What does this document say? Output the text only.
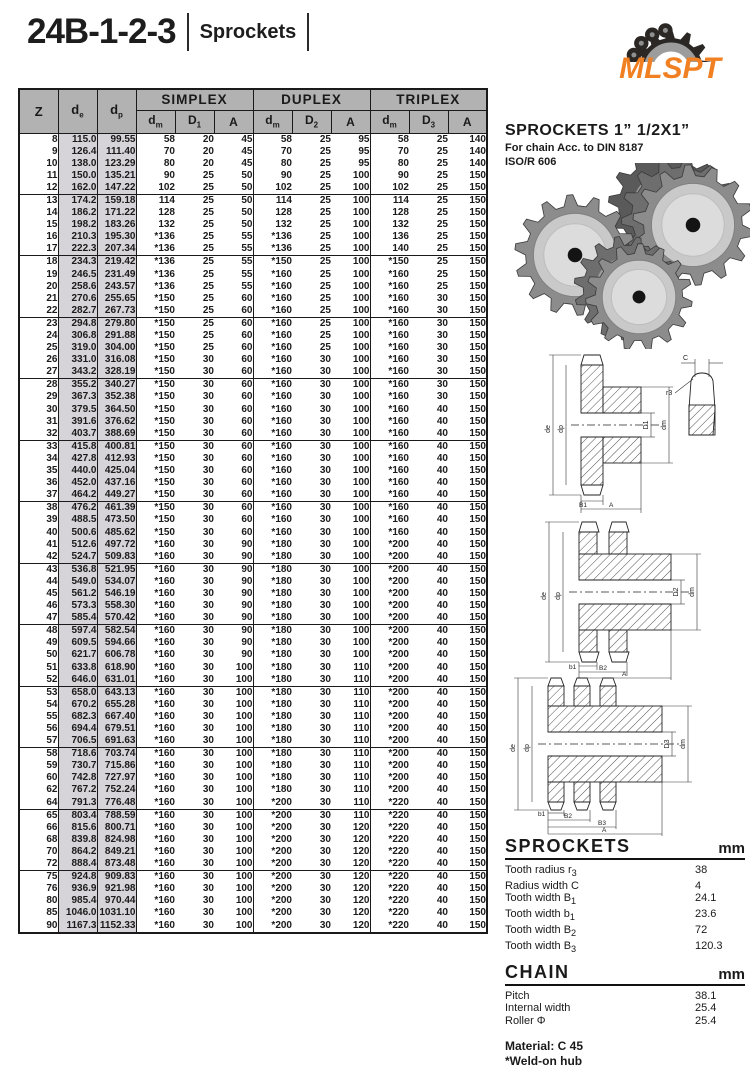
24B-1-2-3 Sprockets
MLSPT
Z	$d_e$	$d_p$	SIMPLEX			DUPLEX			TRIPLEX		
			$d_m$	$D_1$	A	$d_m$	$D_2$	A	$d_m$	$D_3$	A
8	115.0	99.55	58	20	45	58	25	95	58	25	140
9	126.4	111.40	70	20	45	70	25	95	70	25	140
10	138.0	123.29	80	20	45	80	25	95	80	25	140
11	150.0	135.21	90	25	50	90	25	100	90	25	150
12	162.0	147.22	102	25	50	102	25	100	102	25	150
13	174.2	159.18	114	25	50	114	25	100	114	25	150
14	186.2	171.22	128	25	50	128	25	100	128	25	150
15	198.2	183.26	132	25	50	132	25	100	132	25	150
16	210.3	195.30	*136	25	55	*136	25	100	136	25	150
17	222.3	207.34	*136	25	55	*136	25	100	140	25	150
18	234.3	219.42	*136	25	55	*150	25	100	*150	25	150
19	246.5	231.49	*136	25	55	*160	25	100	*160	25	150
20	258.6	243.57	*136	25	55	*160	25	100	*160	25	150
21	270.6	255.65	*150	25	60	*160	25	100	*160	30	150
22	282.7	267.73	*150	25	60	*160	25	100	*160	30	150
23	294.8	279.80	*150	25	60	*160	25	100	*160	30	150
24	306.8	291.88	*150	25	60	*160	25	100	*160	30	150
25	319.0	304.00	*150	25	60	*160	25	100	*160	30	150
26	331.0	316.08	*150	30	60	*160	30	100	*160	30	150
27	343.2	328.19	*150	30	60	*160	30	100	*160	30	150
28	355.2	340.27	*150	30	60	*160	30	100	*160	30	150
29	367.3	352.38	*150	30	60	*160	30	100	*160	30	150
30	379.5	364.50	*150	30	60	*160	30	100	*160	40	150
31	391.6	376.62	*150	30	60	*160	30	100	*160	40	150
32	403.7	388.69	*150	30	60	*160	30	100	*160	40	150
33	415.8	400.81	*150	30	60	*160	30	100	*160	40	150
34	427.8	412.93	*150	30	60	*160	30	100	*160	40	150
35	440.0	425.04	*150	30	60	*160	30	100	*160	40	150
36	452.0	437.16	*150	30	60	*160	30	100	*160	40	150
37	464.2	449.27	*150	30	60	*160	30	100	*160	40	150
38	476.2	461.39	*150	30	60	*160	30	100	*160	40	150
39	488.5	473.50	*150	30	60	*160	30	100	*160	40	150
40	500.6	485.62	*150	30	60	*160	30	100	*160	40	150
41	512.6	497.72	*160	30	90	*180	30	100	*200	40	150
42	524.7	509.83	*160	30	90	*180	30	100	*200	40	150
43	536.8	521.95	*160	30	90	*180	30	100	*200	40	150
44	549.0	534.07	*160	30	90	*180	30	100	*200	40	150
45	561.2	546.19	*160	30	90	*180	30	100	*200	40	150
46	573.3	558.30	*160	30	90	*180	30	100	*200	40	150
47	585.4	570.42	*160	30	90	*180	30	100	*200	40	150
48	597.4	582.54	*160	30	90	*180	30	100	*200	40	150
49	609.5	594.66	*160	30	90	*180	30	100	*200	40	150
50	621.7	606.78	*160	30	90	*180	30	100	*200	40	150
51	633.8	618.90	*160	30	100	*180	30	110	*200	40	150
52	646.0	631.01	*160	30	100	*180	30	110	*200	40	150
53	658.0	643.13	*160	30	100	*180	30	110	*200	40	150
54	670.2	655.28	*160	30	100	*180	30	110	*200	40	150
55	682.3	667.40	*160	30	100	*180	30	110	*200	40	150
56	694.4	679.51	*160	30	100	*180	30	110	*200	40	150
57	706.5	691.63	*160	30	100	*180	30	110	*200	40	150
58	718.6	703.74	*160	30	100	*180	30	110	*200	40	150
59	730.7	715.86	*160	30	100	*180	30	110	*200	40	150
60	742.8	727.97	*160	30	100	*180	30	110	*200	40	150
62	767.2	752.24	*160	30	100	*180	30	110	*200	40	150
64	791.3	776.48	*160	30	100	*200	30	110	*220	40	150
65	803.4	788.59	*160	30	100	*200	30	110	*220	40	150
66	815.6	800.71	*160	30	100	*200	30	120	*220	40	150
68	839.8	824.98	*160	30	100	*200	30	120	*220	40	150
70	864.2	849.21	*160	30	100	*200	30	120	*220	40	150
72	888.4	873.48	*160	30	100	*200	30	120	*220	40	150
75	924.8	909.83	*160	30	100	*200	30	120	*220	40	150
76	936.9	921.98	*160	30	100	*200	30	120	*220	40	150
80	985.4	970.44	*160	30	100	*200	30	120	*220	40	150
85	1046.0	1031.10	*160	30	100	*200	30	120	*220	40	150
90	1167.3	1152.33	*160	30	100	*200	30	120	*220	40	150
SPROCKETS 1” 1/2X1”
For chain Acc. to DIN 8187
ISO/R 606
de dp	D1 dm
B1	A
C
r3
de dp	D2 dm
b1	B2
A
de dp	D3 dm
b1	B2
B3
A
SPROCKETS	mm
Tooth radius $r_3$	38
Radius width C	4
Tooth width $B_1$	24.1
Tooth width $b_1$	23.6
Tooth width $B_2$	72
Tooth width $B_3$	120.3
CHAIN	mm
Pitch	38.1
Internal width	25.4
Roller Φ	25.4
Material: C 45
*Weld-on hub
